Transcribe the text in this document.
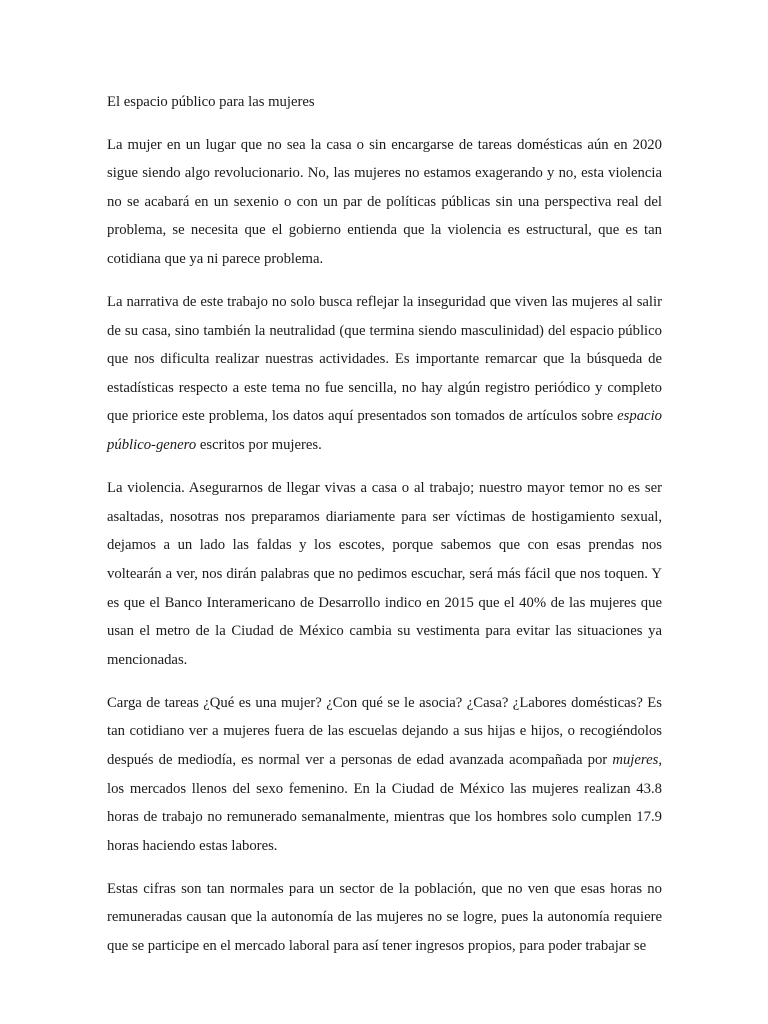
El espacio público para las mujeres

La mujer en un lugar que no sea la casa o sin encargarse de tareas domésticas aún en 2020 sigue siendo algo revolucionario. No, las mujeres no estamos exagerando y no, esta violencia no se acabará en un sexenio o con un par de políticas públicas sin una perspectiva real del problema, se necesita que el gobierno entienda que la violencia es estructural, que es tan cotidiana que ya ni parece problema.

La narrativa de este trabajo no solo busca reflejar la inseguridad que viven las mujeres al salir de su casa, sino también la neutralidad (que termina siendo masculinidad) del espacio público que nos dificulta realizar nuestras actividades. Es importante remarcar que la búsqueda de estadísticas respecto a este tema no fue sencilla, no hay algún registro periódico y completo que priorice este problema, los datos aquí presentados son tomados de artículos sobre espacio público-genero escritos por mujeres.

La violencia. Asegurarnos de llegar vivas a casa o al trabajo; nuestro mayor temor no es ser asaltadas, nosotras nos preparamos diariamente para ser víctimas de hostigamiento sexual, dejamos a un lado las faldas y los escotes, porque sabemos que con esas prendas nos voltearán a ver, nos dirán palabras que no pedimos escuchar, será más fácil que nos toquen. Y es que el Banco Interamericano de Desarrollo indico en 2015 que el 40% de las mujeres que usan el metro de la Ciudad de México cambia su vestimenta para evitar las situaciones ya mencionadas.

Carga de tareas ¿Qué es una mujer? ¿Con qué se le asocia? ¿Casa? ¿Labores domésticas? Es tan cotidiano ver a mujeres fuera de las escuelas dejando a sus hijas e hijos, o recogiéndolos después de mediodía, es normal ver a personas de edad avanzada acompañada por mujeres, los mercados llenos del sexo femenino. En la Ciudad de México las mujeres realizan 43.8 horas de trabajo no remunerado semanalmente, mientras que los hombres solo cumplen 17.9 horas haciendo estas labores.

Estas cifras son tan normales para un sector de la población, que no ven que esas horas no remuneradas causan que la autonomía de las mujeres no se logre, pues la autonomía requiere que se participe en el mercado laboral para así tener ingresos propios, para poder trabajar se
